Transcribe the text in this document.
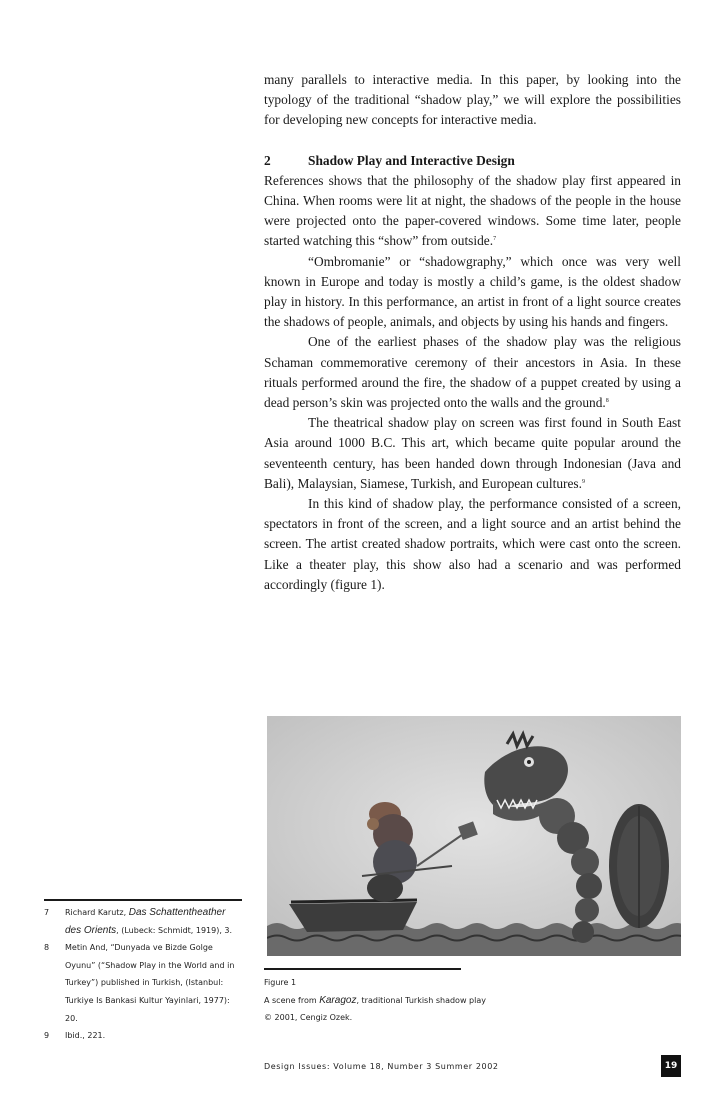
many parallels to interactive media. In this paper, by looking into the typology of the traditional “shadow play,” we will explore the possibilities for developing new concepts for interactive media.

2	Shadow Play and Interactive Design

References shows that the philosophy of the shadow play first appeared in China. When rooms were lit at night, the shadows of the people in the house were projected onto the paper-covered windows. Some time later, people started watching this “show” from outside.$^7$

“Ombromanie” or “shadowgraphy,” which once was very well known in Europe and today is mostly a child’s game, is the oldest shadow play in history. In this performance, an artist in front of a light source creates the shadows of people, animals, and objects by using his hands and fingers.

One of the earliest phases of the shadow play was the religious Schaman commemorative ceremony of their ancestors in Asia. In these rituals performed around the fire, the shadow of a puppet created by using a dead person’s skin was projected onto the walls and the ground.$^8$

The theatrical shadow play on screen was first found in South East Asia around 1000 B.C. This art, which became quite popular around the seventeenth century, has been handed down through Indonesian (Java and Bali), Malaysian, Siamese, Turkish, and European cultures.$^9$

In this kind of shadow play, the performance consisted of a screen, spectators in front of the screen, and a light source and an artist behind the screen. The artist created shadow portraits, which were cast onto the screen. Like a theater play, this show also had a scenario and was performed accordingly (figure 1).

Figure 1
A scene from Karagoz, traditional Turkish shadow play © 2001, Cengiz Ozek.
7	Richard Karutz, Das Schattentheather des Orients, (Lubeck: Schmidt, 1919), 3.
8	Metin And, “Dunyada ve Bizde Golge Oyunu” (“Shadow Play in the World and in Turkey”) published in Turkish, (Istanbul: Turkiye Is Bankasi Kultur Yayinlari, 1977): 20.
9	Ibid., 221.
Design Issues: Volume 18, Number 3 Summer 2002	19
